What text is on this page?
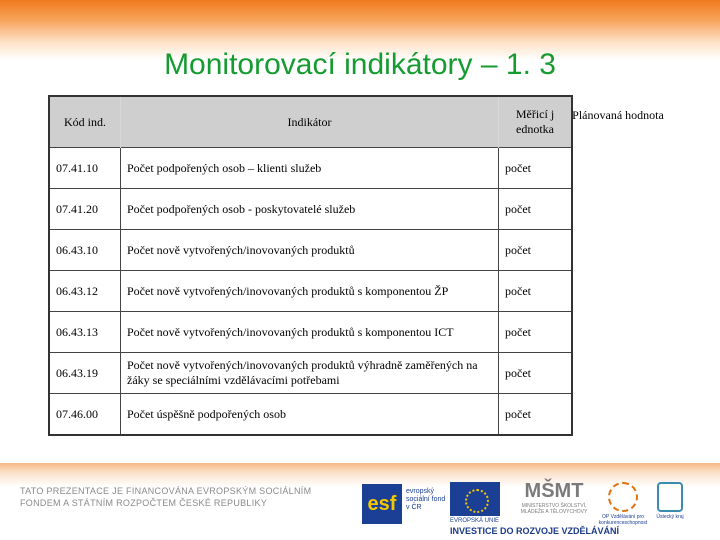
Monitorovací indikátory – 1. 3
Kód ind.	Indikátor	Měřicí jednotka
07.41.10	Počet podpořených osob – klienti služeb	počet
07.41.20	Počet podpořených osob - poskytovatelé služeb	počet
06.43.10	Počet nově vytvořených/inovovaných produktů	počet
06.43.12	Počet nově vytvořených/inovovaných produktů s komponentou ŽP	počet
06.43.13	Počet nově vytvořených/inovovaných produktů s komponentou ICT	počet
06.43.19	Počet nově vytvořených/inovovaných produktů výhradně zaměřených na žáky se speciálními vzdělávacími potřebami	počet
07.46.00	Počet úspěšně podpořených osob	počet
Plánovaná hodnota
TATO PREZENTACE JE FINANCOVÁNA EVROPSKÝM SOCIÁLNÍM
FONDEM A STÁTNÍM ROZPOČTEM ČESKÉ REPUBLIKY	esf
evropský sociální fond v ČR
EVROPSKÁ UNIE
MŠMT
MINISTERSTVO ŠKOLSTVÍ, MLÁDEŽE A TĚLOVÝCHOVY
OP Vzdělávání pro konkurenceschopnost
Ústecký kraj
INVESTICE DO ROZVOJE VZDĚLÁVÁNÍ
